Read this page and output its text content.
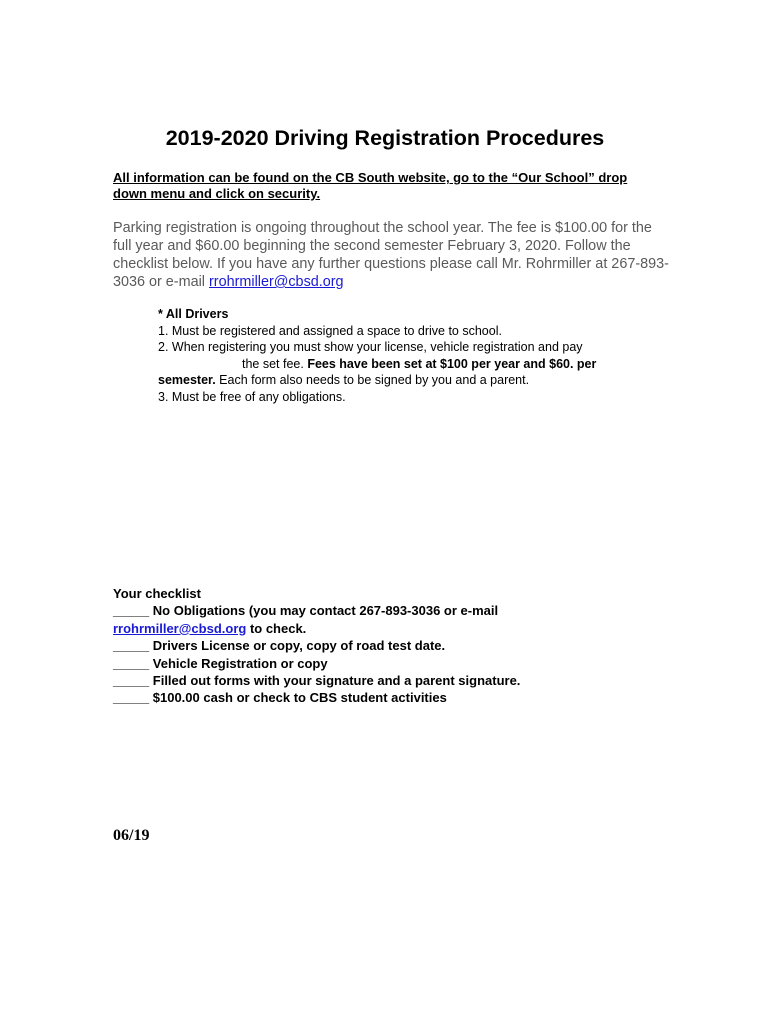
2019-2020 Driving Registration Procedures

All information can be found on the CB South website, go to the “Our School” drop down menu and click on security.

Parking registration is ongoing throughout the school year. The fee is $100.00 for the full year and $60.00 beginning the second semester February 3, 2020. Follow the checklist below. If you have any further questions please call Mr. Rohrmiller at 267-893-3036 or e-mail rrohrmiller@cbsd.org

* All Drivers
1. Must be registered and assigned a space to drive to school.
2. When registering you must show your license, vehicle registration and pay
the set fee. Fees have been set at $100 per year and $60. per
semester. Each form also needs to be signed by you and a parent.
3. Must be free of any obligations.
Your checklist
_____ No Obligations (you may contact 267-893-3036 or e-mail
rrohrmiller@cbsd.org to check.
_____ Drivers License or copy, copy of road test date.
_____ Vehicle Registration or copy
_____ Filled out forms with your signature and a parent signature.
_____ $100.00 cash or check to CBS student activities
06/19
